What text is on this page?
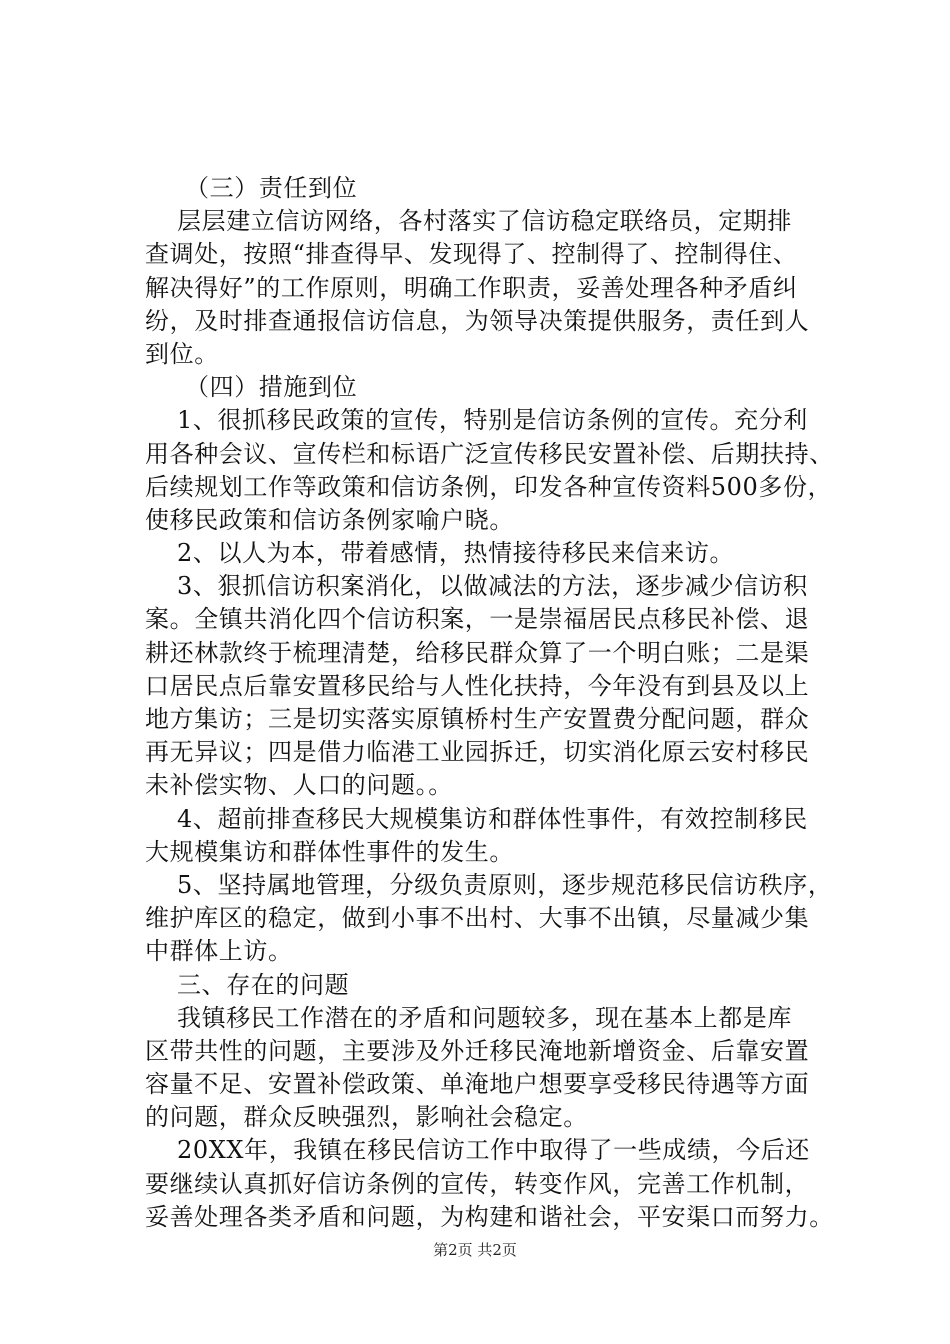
（三）责任到位
层层建立信访网络，各村落实了信访稳定联络员，定期排
查调处，按照“排查得早、发现得了、控制得了、控制得住、
解决得好”的工作原则，明确工作职责，妥善处理各种矛盾纠
纷，及时排查通报信访信息，为领导决策提供服务，责任到人
到位。
（四）措施到位
1、很抓移民政策的宣传，特别是信访条例的宣传。充分利
用各种会议、宣传栏和标语广泛宣传移民安置补偿、后期扶持、
后续规划工作等政策和信访条例，印发各种宣传资料500多份，
使移民政策和信访条例家喻户晓。
2、以人为本，带着感情，热情接待移民来信来访。
3、狠抓信访积案消化，以做减法的方法，逐步减少信访积
案。全镇共消化四个信访积案，一是崇福居民点移民补偿、退
耕还林款终于梳理清楚，给移民群众算了一个明白账；二是渠
口居民点后靠安置移民给与人性化扶持，今年没有到县及以上
地方集访；三是切实落实原镇桥村生产安置费分配问题，群众
再无异议；四是借力临港工业园拆迁，切实消化原云安村移民
未补偿实物、人口的问题。。
4、超前排查移民大规模集访和群体性事件，有效控制移民
大规模集访和群体性事件的发生。
5、坚持属地管理，分级负责原则，逐步规范移民信访秩序，
维护库区的稳定，做到小事不出村、大事不出镇，尽量减少集
中群体上访。
三、存在的问题
我镇移民工作潜在的矛盾和问题较多，现在基本上都是库
区带共性的问题，主要涉及外迁移民淹地新增资金、后靠安置
容量不足、安置补偿政策、单淹地户想要享受移民待遇等方面
的问题，群众反映强烈，影响社会稳定。
20XX年，我镇在移民信访工作中取得了一些成绩，今后还
要继续认真抓好信访条例的宣传，转变作风，完善工作机制，
妥善处理各类矛盾和问题，为构建和谐社会，平安渠口而努力。
第2页 共2页
